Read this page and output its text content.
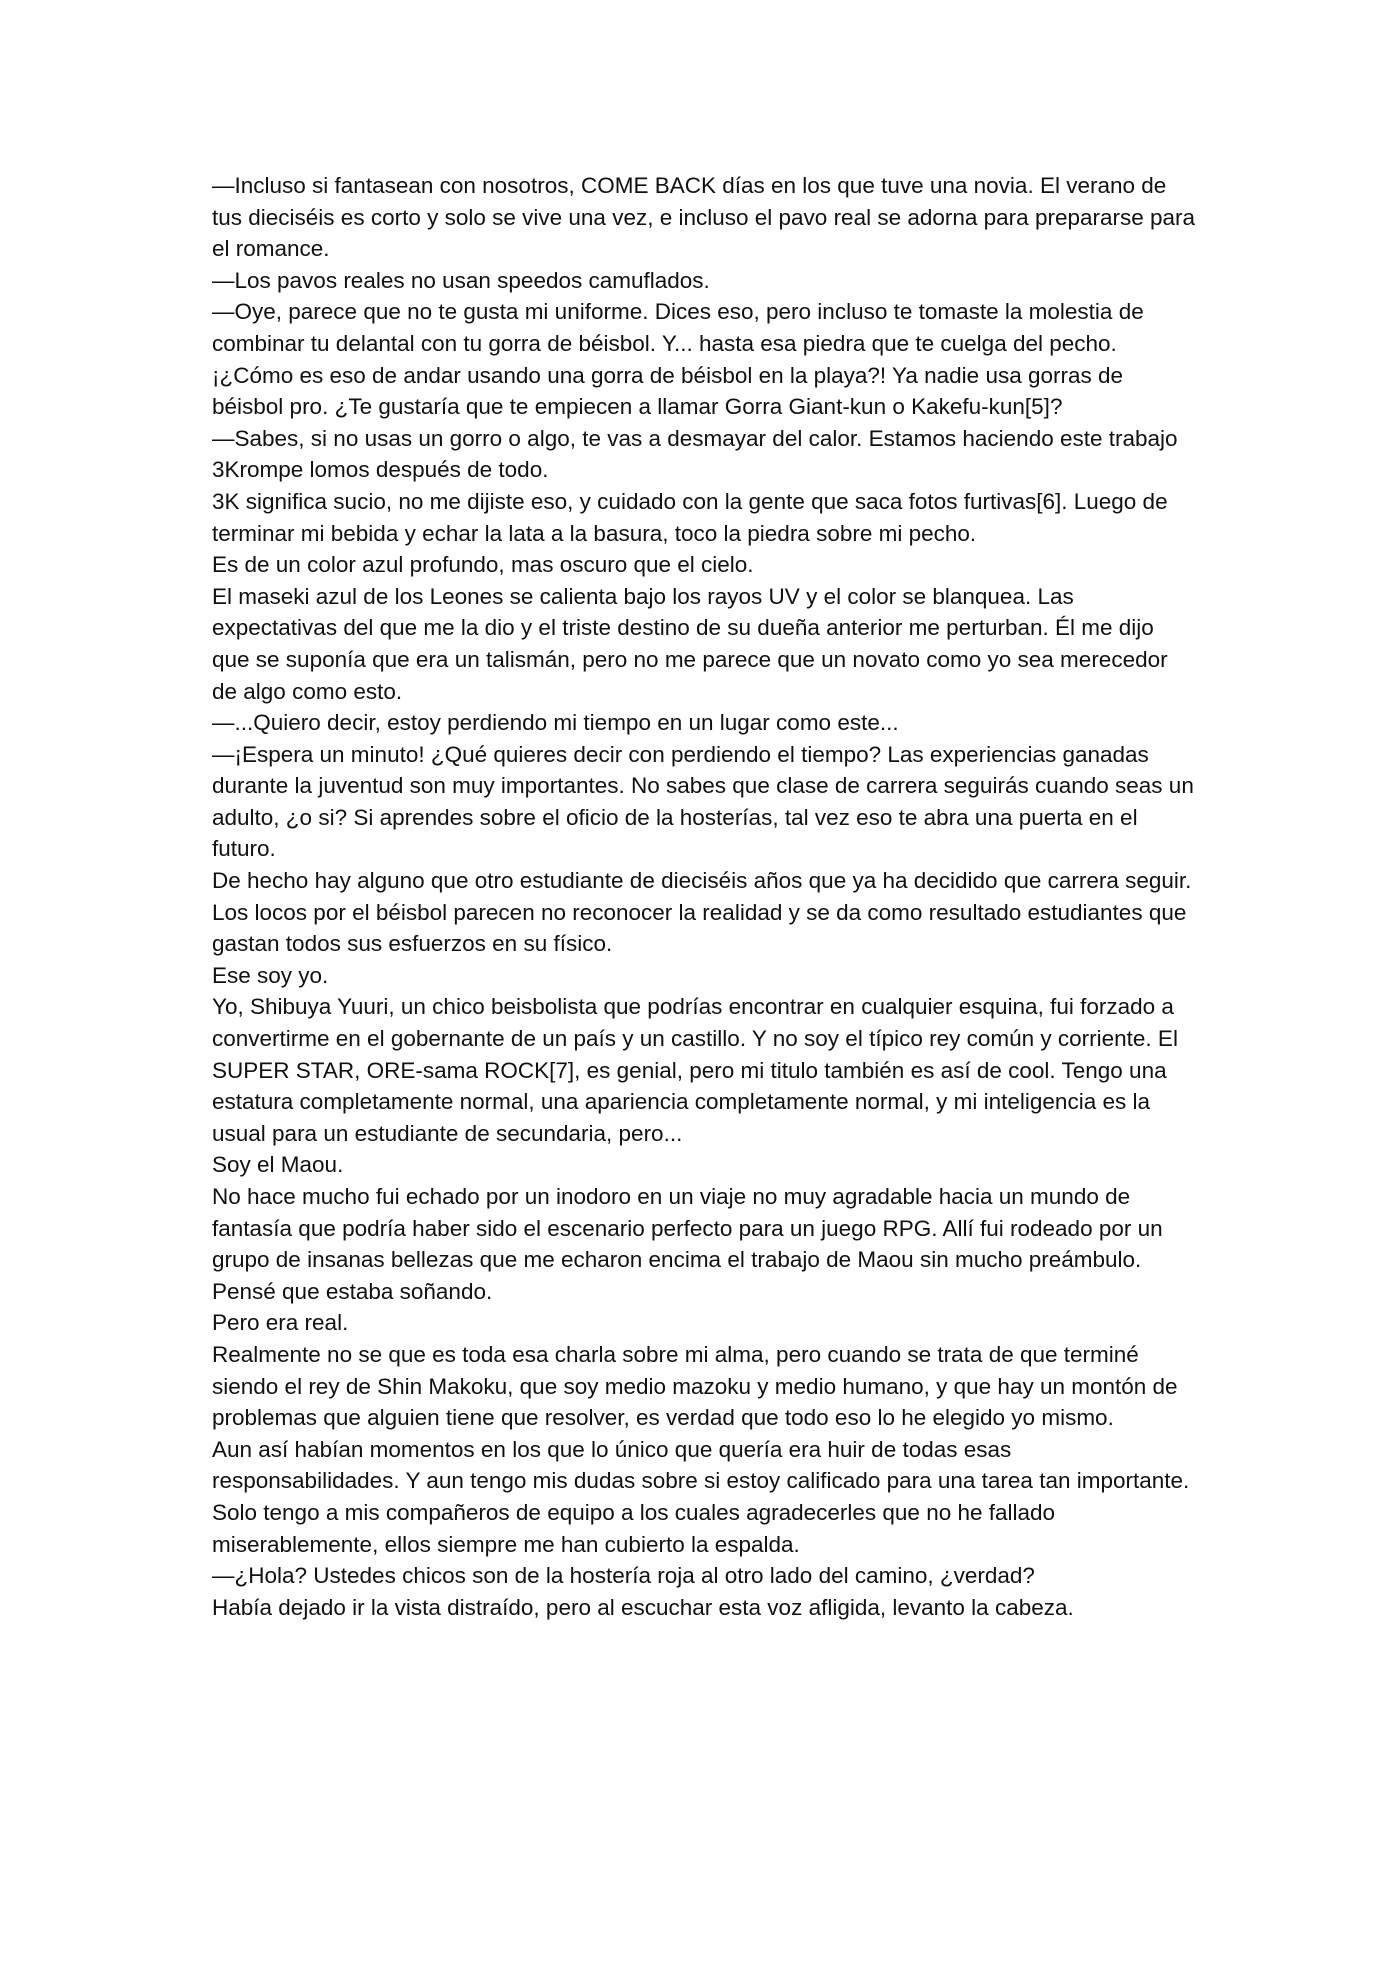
—Incluso si fantasean con nosotros, COME BACK días en los que tuve una novia. El verano de tus dieciséis es corto y solo se vive una vez, e incluso el pavo real se adorna para prepararse para el romance.

—Los pavos reales no usan speedos camuflados.

—Oye, parece que no te gusta mi uniforme. Dices eso, pero incluso te tomaste la molestia de combinar tu delantal con tu gorra de béisbol. Y... hasta esa piedra que te cuelga del pecho. ¡¿Cómo es eso de andar usando una gorra de béisbol en la playa?! Ya nadie usa gorras de béisbol pro. ¿Te gustaría que te empiecen a llamar Gorra Giant-kun o Kakefu-kun[5]?

—Sabes, si no usas un gorro o algo, te vas a desmayar del calor. Estamos haciendo este trabajo 3Krompe lomos después de todo.

3K significa sucio, no me dijiste eso, y cuidado con la gente que saca fotos furtivas[6]. Luego de terminar mi bebida y echar la lata a la basura, toco la piedra sobre mi pecho.

Es de un color azul profundo, mas oscuro que el cielo.

El maseki azul de los Leones se calienta bajo los rayos UV y el color se blanquea. Las expectativas del que me la dio y el triste destino de su dueña anterior me perturban. Él me dijo que se suponía que era un talismán, pero no me parece que un novato como yo sea merecedor de algo como esto.

—...Quiero decir, estoy perdiendo mi tiempo en un lugar como este...

—¡Espera un minuto! ¿Qué quieres decir con perdiendo el tiempo? Las experiencias ganadas durante la juventud son muy importantes. No sabes que clase de carrera seguirás cuando seas un adulto, ¿o si? Si aprendes sobre el oficio de la hosterías, tal vez eso te abra una puerta en el futuro.

De hecho hay alguno que otro estudiante de dieciséis años que ya ha decidido que carrera seguir.

Los locos por el béisbol parecen no reconocer la realidad y se da como resultado estudiantes que gastan todos sus esfuerzos en su físico.

Ese soy yo.

Yo, Shibuya Yuuri, un chico beisbolista que podrías encontrar en cualquier esquina, fui forzado a convertirme en el gobernante de un país y un castillo. Y no soy el típico rey común y corriente. El SUPER STAR, ORE-sama ROCK[7], es genial, pero mi titulo también es así de cool. Tengo una estatura completamente normal, una apariencia completamente normal, y mi inteligencia es la usual para un estudiante de secundaria, pero...

Soy el Maou.

No hace mucho fui echado por un inodoro en un viaje no muy agradable hacia un mundo de fantasía que podría haber sido el escenario perfecto para un juego RPG. Allí fui rodeado por un grupo de insanas bellezas que me echaron encima el trabajo de Maou sin mucho preámbulo. Pensé que estaba soñando.

Pero era real.

Realmente no se que es toda esa charla sobre mi alma, pero cuando se trata de que terminé siendo el rey de Shin Makoku, que soy medio mazoku y medio humano, y que hay un montón de problemas que alguien tiene que resolver, es verdad que todo eso lo he elegido yo mismo.

Aun así habían momentos en los que lo único que quería era huir de todas esas responsabilidades. Y aun tengo mis dudas sobre si estoy calificado para una tarea tan importante. Solo tengo a mis compañeros de equipo a los cuales agradecerles que no he fallado miserablemente, ellos siempre me han cubierto la espalda.

—¿Hola? Ustedes chicos son de la hostería roja al otro lado del camino, ¿verdad?

Había dejado ir la vista distraído, pero al escuchar esta voz afligida, levanto la cabeza.
